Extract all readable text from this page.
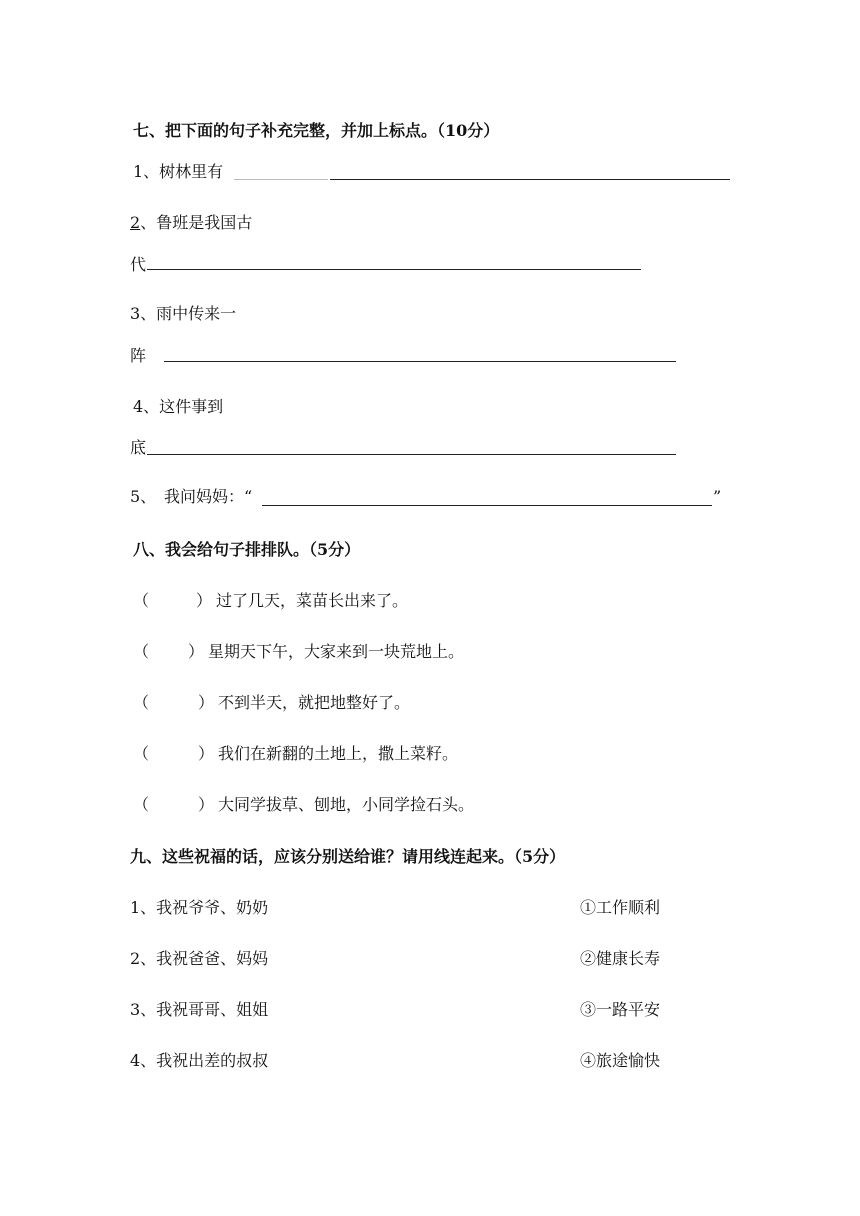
七、把下面的句子补充完整，并加上标点。（10分）
1、树林里有
2、鲁班是我国古
代
3、雨中传来一
阵
4、这件事到
底
5、 我问妈妈：“	”
八、我会给句子排排队。（5分）
（	） 过了几天，菜苗长出来了。
（ ） 星期天下午，大家来到一块荒地上。
（	） 不到半天，就把地整好了。
（	） 我们在新翻的土地上，撒上菜籽。
（	） 大同学拔草、刨地，小同学捡石头。
九、这些祝福的话，应该分别送给谁？请用线连起来。（5分）
1、我祝爷爷、奶奶	①工作顺利
2、我祝爸爸、妈妈	②健康长寿
3、我祝哥哥、姐姐	③一路平安
4、我祝出差的叔叔	④旅途愉快
